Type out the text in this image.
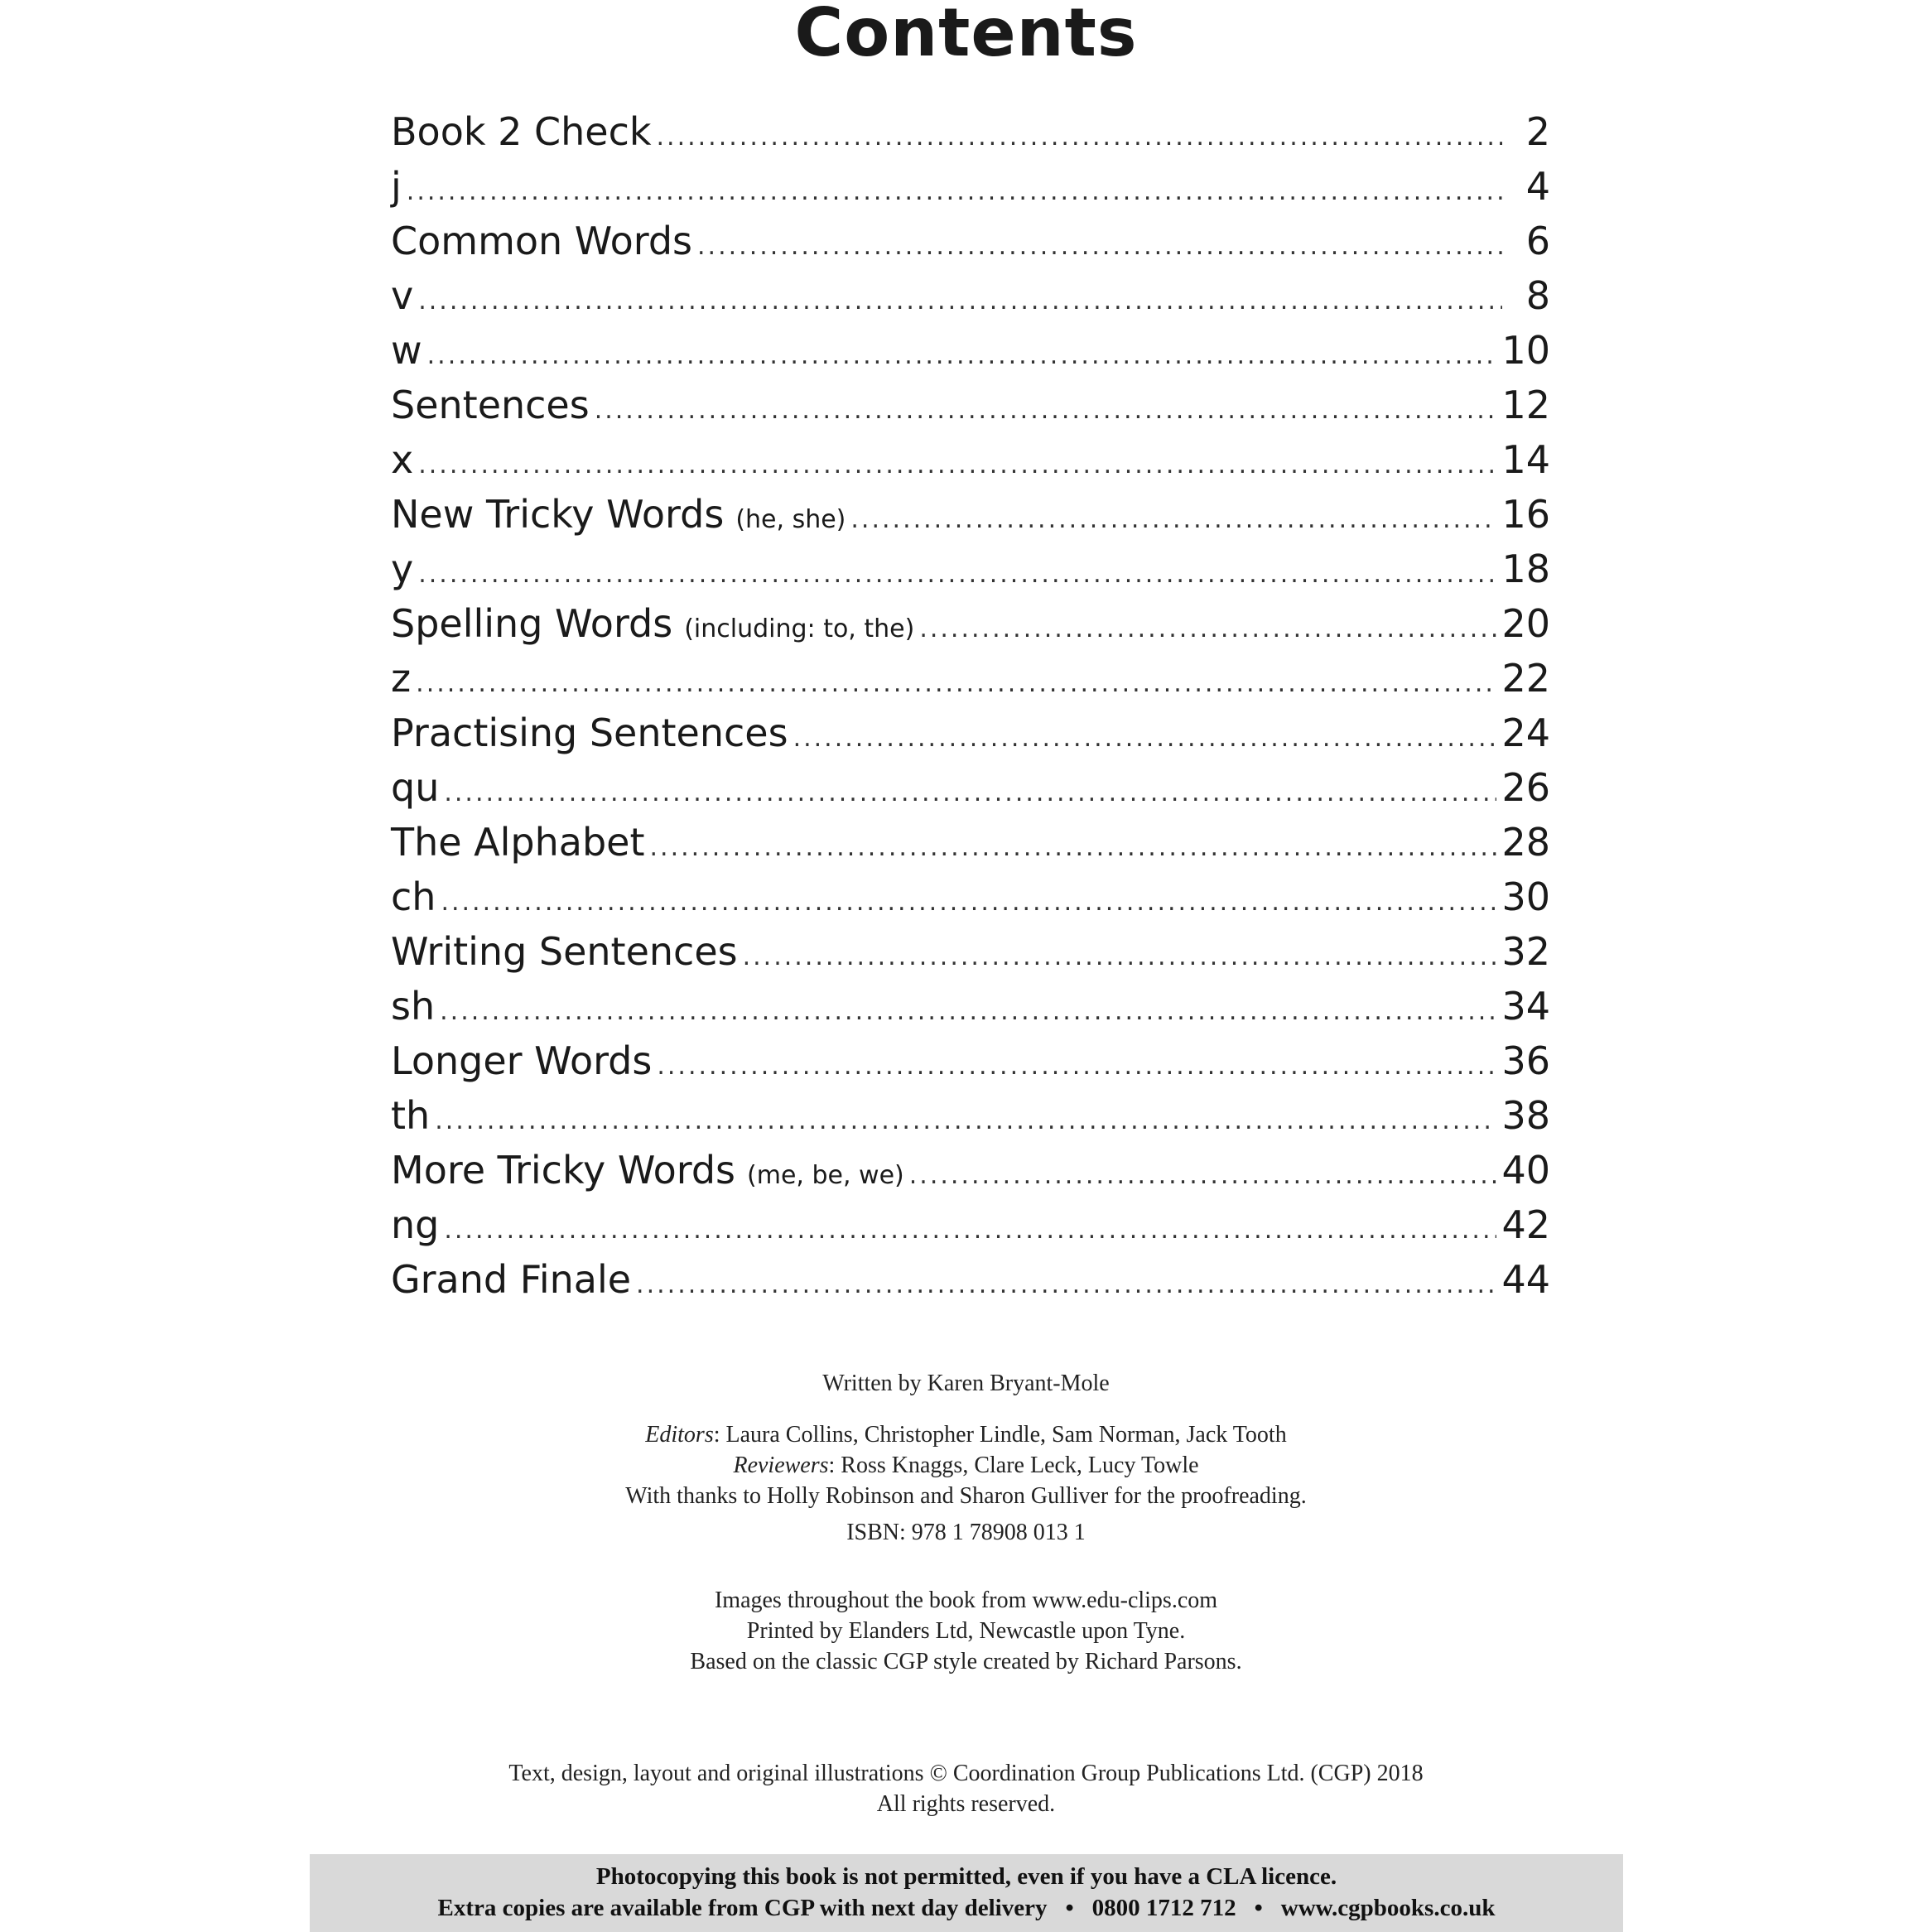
Contents
Book 2 Check .....	2
j .....	4
Common Words .....	6
v .....	8
w .....	10
Sentences .....	12
x .....	14
New Tricky Words (he, she) .....	16
y .....	18
Spelling Words (including: to, the) .....	20
z .....	22
Practising Sentences .....	24
qu .....	26
The Alphabet .....	28
ch .....	30
Writing Sentences .....	32
sh .....	34
Longer Words .....	36
th .....	38
More Tricky Words (me, be, we) .....	40
ng .....	42
Grand Finale .....	44
Written by Karen Bryant-Mole
Editors: Laura Collins, Christopher Lindle, Sam Norman, Jack Tooth
Reviewers: Ross Knaggs, Clare Leck, Lucy Towle
With thanks to Holly Robinson and Sharon Gulliver for the proofreading.
ISBN: 978 1 78908 013 1
Images throughout the book from www.edu-clips.com
Printed by Elanders Ltd, Newcastle upon Tyne.
Based on the classic CGP style created by Richard Parsons.
Text, design, layout and original illustrations © Coordination Group Publications Ltd. (CGP) 2018
All rights reserved.
Photocopying this book is not permitted, even if you have a CLA licence.
Extra copies are available from CGP with next day delivery • 0800 1712 712 • www.cgpbooks.co.uk
